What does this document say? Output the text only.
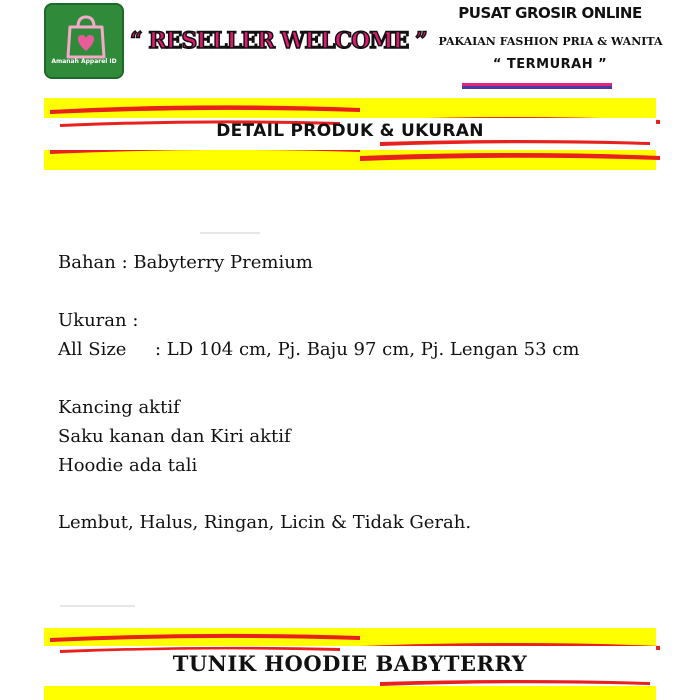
Amanah Apparel ID
“ RESELLER WELCOME ”
PUSAT GROSIR ONLINE
PAKAIAN FASHION PRIA & WANITA
“ TERMURAH ”
DETAIL PRODUK & UKURAN
Bahan : Babyterry Premium
Ukuran :
All Size : LD 104 cm, Pj. Baju 97 cm, Pj. Lengan 53 cm
Kancing aktif
Saku kanan dan Kiri aktif
Hoodie ada tali
Lembut, Halus, Ringan, Licin & Tidak Gerah.
TUNIK HOODIE BABYTERRY
